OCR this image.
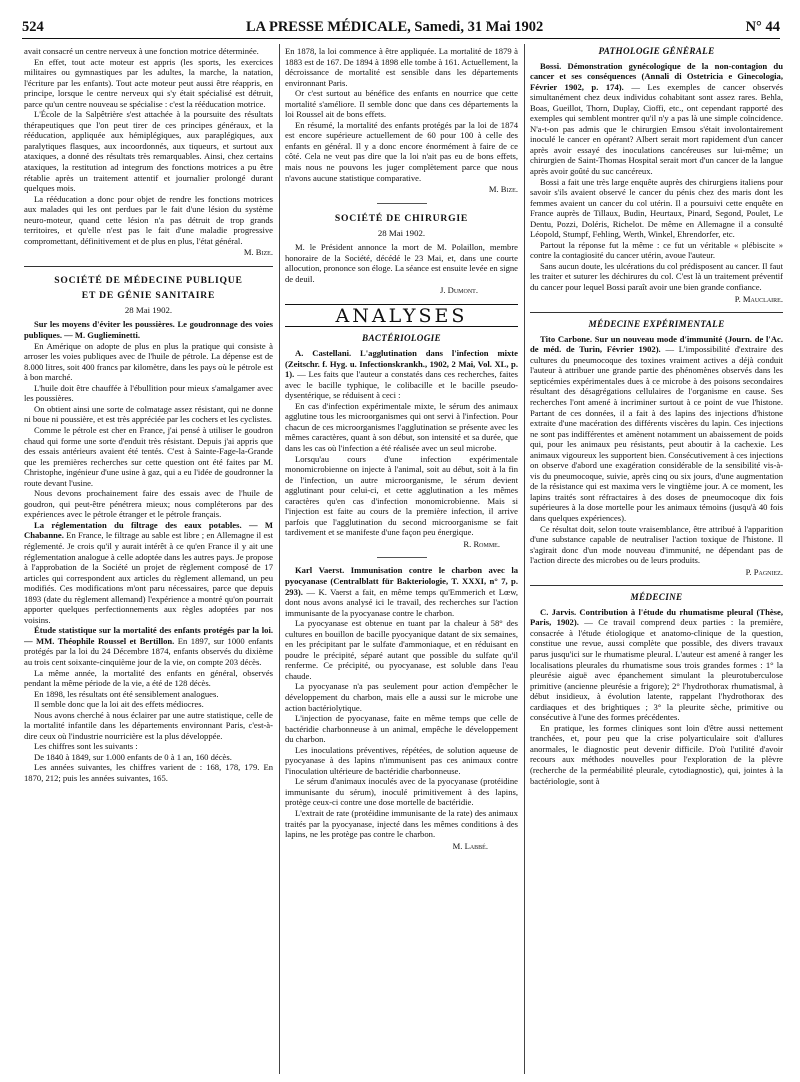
524	LA PRESSE MÉDICALE, Samedi, 31 Mai 1902	N° 44

avait consacré un centre nerveux à une fonction motrice déterminée.

En effet, tout acte moteur est appris (les sports, les exercices militaires ou gymnastiques par les adultes, la marche, la natation, l'écriture par les enfants). Tout acte moteur peut aussi être réappris, en principe, lorsque le centre nerveux qui s'y était spécialisé est détruit, parce qu'un centre nouveau se spécialise : c'est la rééducation motrice.

L'École de la Salpêtrière s'est attachée à la poursuite des résultats thérapeutiques que l'on peut tirer de ces principes généraux, et la rééducation, appliquée aux hémiplégiques, aux paraplégiques, aux paralytiques flasques, aux incoordonnés, aux tiqueurs, et surtout aux ataxiques, a donné des résultats très remarquables. Ainsi, chez certains ataxiques, la restitution ad integrum des fonctions motrices a pu être rétablie après un traitement attentif et journalier prolongé durant quelques mois.

La rééducation a donc pour objet de rendre les fonctions motrices aux malades qui les ont perdues par le fait d'une lésion du système neuro-moteur, quand cette lésion n'a pas détruit de trop grands territoires, et qu'elle n'est pas le fait d'une maladie progressive compromettant, définitivement et de plus en plus, l'état général.

M. Bize.
SOCIÉTÉ DE MÉDECINE PUBLIQUE
ET DE GÉNIE SANITAIRE
28 Mai 1902.

Sur les moyens d'éviter les poussières. Le goudronnage des voies publiques. — M. Guglieminetti.

En Amérique on adopte de plus en plus la pratique qui consiste à arroser les voies publiques avec de l'huile de pétrole. La dépense est de 8.000 litres, soit 400 francs par kilomètre, dans les pays où le pétrole est à bon marché.

L'huile doit être chauffée à l'ébullition pour mieux s'amalgamer avec les poussières.

On obtient ainsi une sorte de colmatage assez résistant, qui ne donne ni boue ni poussière, et est très appréciée par les cochers et les cyclistes.

Comme le pétrole est cher en France, j'ai pensé à utiliser le goudron chaud qui forme une sorte d'enduit très résistant. Depuis j'ai appris que des essais antérieurs avaient été tentés. C'est à Sainte-Fage-la-Grande que les premières recherches sur cette question ont été faites par M. Christophe, ingénieur d'une usine à gaz, qui a eu l'idée de goudronner la route devant l'usine.

Nous devons prochainement faire des essais avec de l'huile de goudron, qui peut-être pénétrera mieux; nous compléterons par des expériences avec le pétrole étranger et le pétrole français.

La réglementation du filtrage des eaux potables. — M Chabanne. En France, le filtrage au sable est libre ; en Allemagne il est réglementé. Je crois qu'il y aurait intérêt à ce qu'en France il y ait une réglementation analogue à celle adoptée dans les autres pays. Je propose à l'approbation de la Société un projet de règlement composé de 17 articles qui correspondent aux articles du règlement allemand, un peu modifiés. Ces modifications m'ont paru nécessaires, parce que depuis 1893 (date du règlement allemand) l'expérience a montré qu'on pourrait apporter quelques perfectionnements aux règles adoptées par nos voisins.

Étude statistique sur la mortalité des enfants protégés par la loi. — MM. Théophile Roussel et Bertillon. En 1897, sur 1000 enfants protégés par la loi du 24 Décembre 1874, enfants observés du dixième au trois cent soixante-cinquième jour de la vie, on compte 203 décès.

La même année, la mortalité des enfants en général, observés pendant la même période de la vie, a été de 128 décès.

En 1898, les résultats ont été sensiblement analogues.

Il semble donc que la loi ait des effets médiocres.

Nous avons cherché à nous éclairer par une autre statistique, celle de la mortalité infantile dans les départements environnant Paris, c'est-à-dire ceux où l'industrie nourricière est la plus développée.

Les chiffres sont les suivants :

De 1840 à 1849, sur 1.000 enfants de 0 à 1 an, 160 décès.

Les années suivantes, les chiffres varient de : 168, 178, 179. En 1870, 212; puis les années suivantes, 165.

En 1878, la loi commence à être appliquée. La mortalité de 1879 à 1883 est de 167. De 1894 à 1898 elle tombe à 161. Actuellement, la décroissance de mortalité est sensible dans les départements environnant Paris.

Or c'est surtout au bénéfice des enfants en nourrice que cette mortalité s'améliore. Il semble donc que dans ces départements la loi Roussel ait de bons effets.

En résumé, la mortalité des enfants protégés par la loi de 1874 est encore supérieure actuellement de 60 pour 100 à celle des enfants en général. Il y a donc encore énormément à faire de ce côté. Cela ne veut pas dire que la loi n'ait pas eu de bons effets, mais nous ne pouvons les juger complètement parce que nous n'avons aucune statistique comparative.

M. Bize.
SOCIÉTÉ DE CHIRURGIE
28 Mai 1902.

M. le Président annonce la mort de M. Polaillon, membre honoraire de la Société, décédé le 23 Mai, et, dans une courte allocution, prononce son éloge. La séance est ensuite levée en signe de deuil.

J. Dumont.
ANALYSES
BACTÉRIOLOGIE

A. Castellani. L'agglutination dans l'infection mixte (Zeitschr. f. Hyg. u. Infectionskrankh., 1902, 2 Mai, Vol. XL, p. 1). — Les faits que l'auteur a constatés dans ces recherches, faites avec le bacille typhique, le colibacille et le bacille pseudo-dysentérique, se réduisent à ceci :

En cas d'infection expérimentale mixte, le sérum des animaux agglutine tous les microorganismes qui ont servi à l'infection. Pour chacun de ces microorganismes l'agglutination se présente avec les mêmes caractères, quant à son début, son intensité et sa durée, que dans les cas où l'infection a été réalisée avec un seul microbe.

Lorsqu'au cours d'une infection expérimentale monomicrobienne on injecte à l'animal, soit au début, soit à la fin de l'infection, un autre microorganisme, le sérum devient agglutinant pour celui-ci, et cette agglutination a les mêmes caractères qu'en cas d'infection monomicrobienne. Mais si l'injection est faite au cours de la première infection, il arrive parfois que l'agglutination du second microorganisme se fait tardivement et se manifeste d'une façon peu énergique.

R. Romme.

Karl Vaerst. Immunisation contre le charbon avec la pyocyanase (Centralblatt für Bakteriologie, T. XXXI, n° 7, p. 293). — K. Vaerst a fait, en même temps qu'Emmerich et Lœw, dont nous avons analysé ici le travail, des recherches sur l'action immunisante de la pyocyanase contre le charbon.

La pyocyanase est obtenue en tuant par la chaleur à 58° des cultures en bouillon de bacille pyocyanique datant de six semaines, en les précipitant par le sulfate d'ammoniaque, et en réduisant en poudre le précipité, séparé autant que possible du sulfate qu'il renferme. Ce précipité, ou pyocyanase, est soluble dans l'eau chaude.

La pyocyanase n'a pas seulement pour action d'empêcher le développement du charbon, mais elle a aussi sur le microbe une action bactériolytique.

L'injection de pyocyanase, faite en même temps que celle de bactéridie charbonneuse à un animal, empêche le développement du charbon.

Les inoculations préventives, répétées, de solution aqueuse de pyocyanase à des lapins n'immunisent pas ces animaux contre l'inoculation ultérieure de bactéridie charbonneuse.

Le sérum d'animaux inoculés avec de la pyocyanase (protéidine immunisante du sérum), inoculé primitivement à des lapins, protège ceux-ci contre une dose mortelle de bactéridie.

L'extrait de rate (protéidine immunisante de la rate) des animaux traités par la pyocyanase, injecté dans les mêmes conditions à des lapins, ne les protège pas contre le charbon.

M. Labbé.
PATHOLOGIE GÉNÉRALE

Bossi. Démonstration gynécologique de la non-contagion du cancer et ses conséquences (Annali di Ostetricia e Ginecologia, Février 1902, p. 174). — Les exemples de cancer observés simultanément chez deux individus cohabitant sont assez rares. Behla, Boas, Gueillot, Thorn, Duplay, Cioffi, etc., ont cependant rapporté des exemples qui semblent montrer qu'il n'y a pas là une simple coïncidence. N'a-t-on pas admis que le chirurgien Emsou s'était involontairement inoculé le cancer en opérant? Albert serait mort rapidement d'un cancer après avoir essayé des inoculations cancéreuses sur lui-même; un chirurgien de Saint-Thomas Hospital serait mort d'un cancer de la langue après avoir goûté du suc cancéreux.

Bossi a fait une très large enquête auprès des chirurgiens italiens pour savoir s'ils avaient observé le cancer du pénis chez des maris dont les femmes avaient un cancer du col utérin. Il a poursuivi cette enquête en France auprès de Tillaux, Budin, Heurtaux, Pinard, Segond, Poulet, Le Dentu, Pozzi, Doléris, Richelot. De même en Allemagne il a consulté Léopold, Stumpf, Fehling, Werth, Winkel, Ehrendorfer, etc.

Partout la réponse fut la même : ce fut un véritable « plébiscite » contre la contagiosité du cancer utérin, avoue l'auteur.

Sans aucun doute, les ulcérations du col prédisposent au cancer. Il faut les traiter et suturer les déchirures du col. C'est là un traitement préventif du cancer pour lequel Bossi paraît avoir une bien grande confiance.

P. Mauclaire.
MÉDECINE EXPÉRIMENTALE

Tito Carbone. Sur un nouveau mode d'immunité (Journ. de l'Ac. de méd. de Turin, Février 1902). — L'impossibilité d'extraire des cultures du pneumocoque des toxines vraiment actives a déjà conduit l'auteur à attribuer une grande partie des phénomènes observés dans les septicémies expérimentales dues à ce microbe à des poisons secondaires résultant des désagrégations cellulaires de l'organisme en cause. Ses recherches l'ont amené à incriminer surtout à ce point de vue l'histone. Partant de ces données, il a fait à des lapins des injections d'histone extraite d'une macération des différents viscères du lapin. Ces injections ne sont pas indifférentes et amènent notamment un abaissement de poids qui, pour les animaux peu résistants, peut aboutir à la cachexie. Les animaux vigoureux les supportent bien. Consécutivement à ces injections on observe d'abord une exagération considérable de la sensibilité vis-à-vis du pneumocoque, suivie, après cinq ou six jours, d'une augmentation de la résistance qui est maxima vers le vingtième jour. A ce moment, les lapins traités sont réfractaires à des doses de pneumocoque dix fois supérieures à la dose mortelle pour les animaux témoins (jusqu'à 40 fois dans quelques expériences).

Ce résultat doit, selon toute vraisemblance, être attribué à l'apparition d'une substance capable de neutraliser l'action toxique de l'histone. Il s'agirait donc d'un mode nouveau d'immunité, ne dépendant pas de l'action directe des microbes ou de leurs produits.

P. Pagniez.
MÉDECINE

C. Jarvis. Contribution à l'étude du rhumatisme pleural (Thèse, Paris, 1902). — Ce travail comprend deux parties : la première, consacrée à l'étude étiologique et anatomo-clinique de la question, constitue une revue, aussi complète que possible, des divers travaux parus jusqu'ici sur le rhumatisme pleural. L'auteur est amené à ranger les localisations pleurales du rhumatisme sous trois grandes formes : 1° la pleurésie aiguë avec épanchement simulant la pleurotuberculose primitive (ancienne pleurésie a frigore); 2° l'hydrothorax rhumatismal, à début insidieux, à évolution latente, rappelant l'hydrothorax des cardiaques et des brightiques ; 3° la pleurite sèche, primitive ou consécutive à l'une des formes précédentes.

En pratique, les formes cliniques sont loin d'être aussi nettement tranchées, et, pour peu que la crise polyarticulaire soit d'allures anormales, le diagnostic peut devenir difficile. D'où l'utilité d'avoir recours aux méthodes nouvelles pour l'exploration de la plèvre (recherche de la perméabilité pleurale, cytodiagnostic), qui, jointes à la bactériologie, sont à
